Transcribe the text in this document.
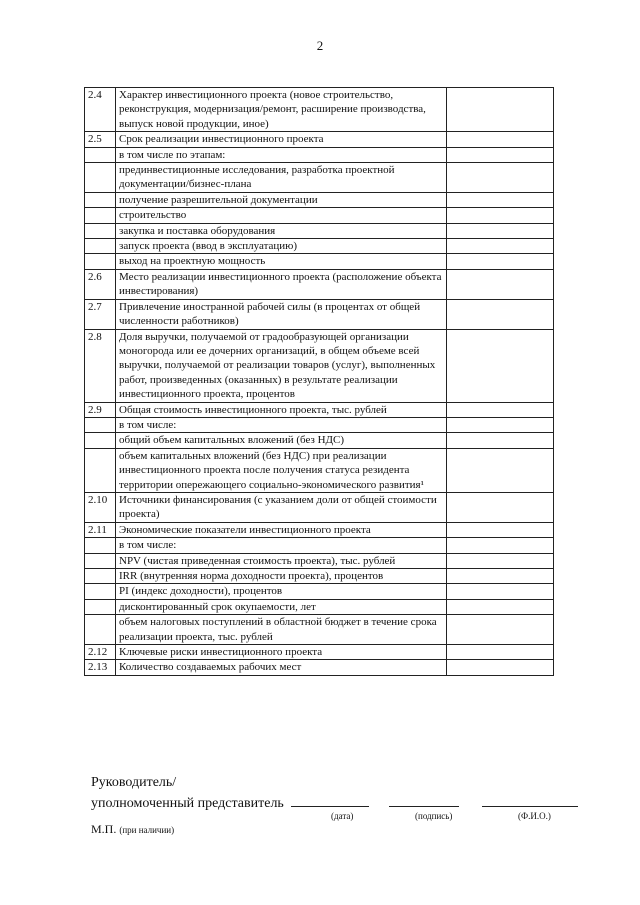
2
2.4	Характер инвестиционного проекта (новое строительство, реконструкция, модернизация/ремонт, расширение производства, выпуск новой продукции, иное)	
2.5	Срок реализации инвестиционного проекта	
	в том числе по этапам:	
	прединвестиционные исследования, разработка проектной документации/бизнес-плана	
	получение разрешительной документации	
	строительство	
	закупка и поставка оборудования	
	запуск проекта (ввод в эксплуатацию)	
	выход на проектную мощность	
2.6	Место реализации инвестиционного проекта (расположение объекта инвестирования)	
2.7	Привлечение иностранной рабочей силы (в процентах от общей численности работников)	
2.8	Доля выручки, получаемой от градообразующей организации моногорода или ее дочерних организаций, в общем объеме всей выручки, получаемой от реализации товаров (услуг), выполненных работ, произведенных (оказанных) в результате реализации инвестиционного проекта, процентов	
2.9	Общая стоимость инвестиционного проекта, тыс. рублей	
	в том числе:	
	общий объем капитальных вложений (без НДС)	
	объем капитальных вложений (без НДС) при реализации инвестиционного проекта после получения статуса резидента территории опережающего социально-экономического развития¹	
2.10	Источники финансирования (с указанием доли от общей стоимости проекта)	
2.11	Экономические показатели инвестиционного проекта	
	в том числе:	
	NPV (чистая приведенная стоимость проекта), тыс. рублей	
	IRR (внутренняя норма доходности проекта), процентов	
	PI (индекс доходности), процентов	
	дисконтированный срок окупаемости, лет	
	объем налоговых поступлений в областной бюджет в течение срока реализации проекта, тыс. рублей	
2.12	Ключевые риски инвестиционного проекта	
2.13	Количество создаваемых рабочих мест	
Руководитель/
уполномоченный представитель
(дата)	(подпись)	(Ф.И.О.)
М.П. (при наличии)
